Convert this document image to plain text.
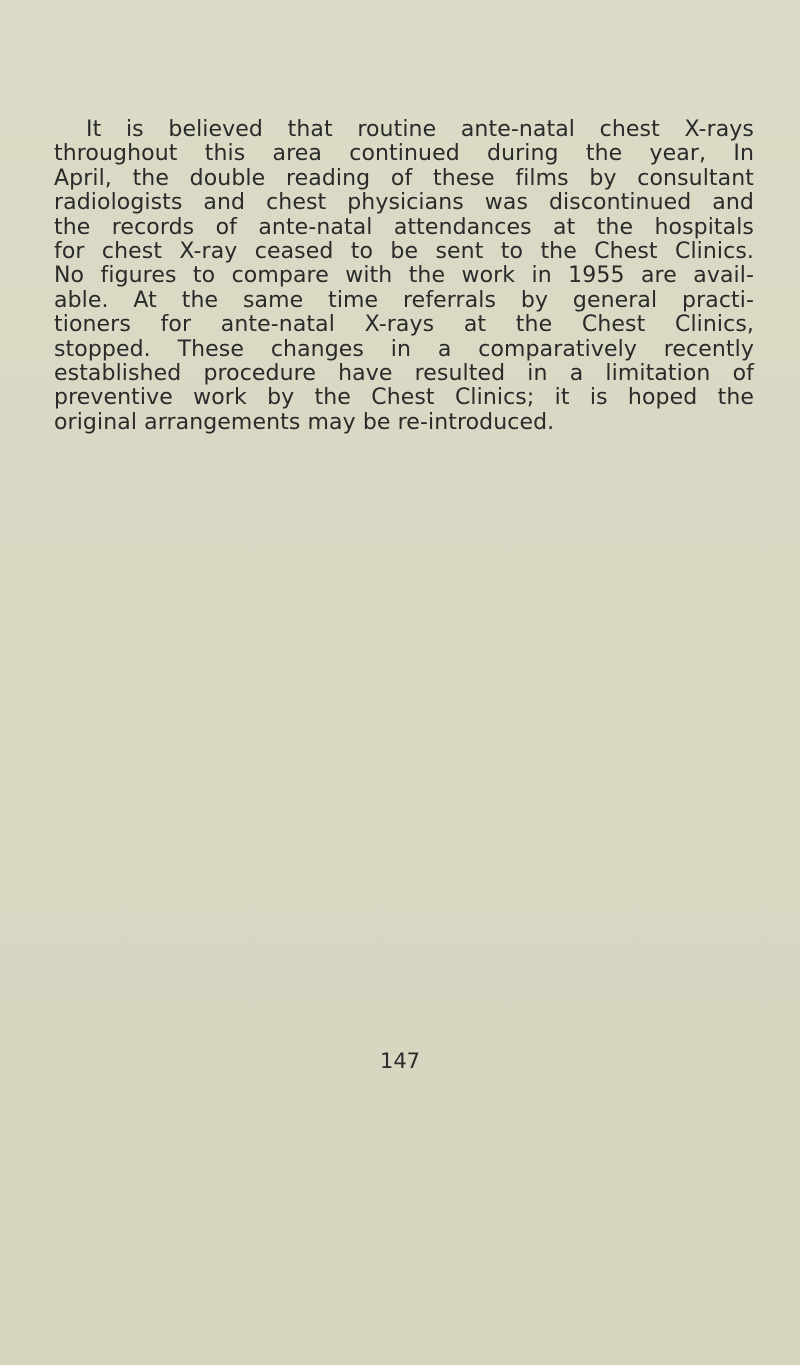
It is believed that routine ante-natal chest X-rays
throughout this area continued during the year, In
April, the double reading of these films by consultant
radiologists and chest physicians was discontinued and
the records of ante-natal attendances at the hospitals
for chest X-ray ceased to be sent to the Chest Clinics.
No figures to compare with the work in 1955 are avail-
able. At the same time referrals by general practi-
tioners for ante-natal X-rays at the Chest Clinics,
stopped. These changes in a comparatively recently
established procedure have resulted in a limitation of
preventive work by the Chest Clinics; it is hoped the
original arrangements may be re-introduced.
147
